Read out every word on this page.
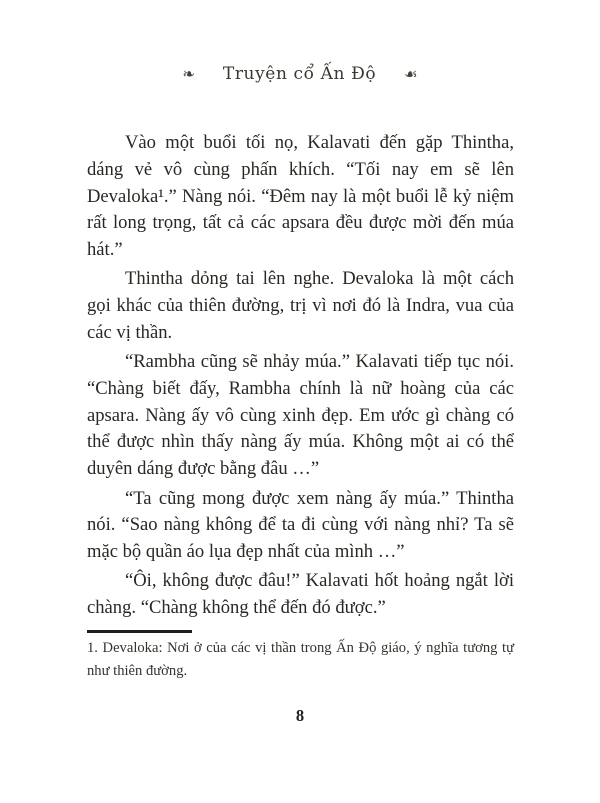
❧ Truyện cổ Ấn Độ ☙

Vào một buổi tối nọ, Kalavati đến gặp Thintha, dáng vẻ vô cùng phấn khích. “Tối nay em sẽ lên Devaloka¹.” Nàng nói. “Đêm nay là một buổi lễ kỷ niệm rất long trọng, tất cả các apsara đều được mời đến múa hát.”

Thintha dỏng tai lên nghe. Devaloka là một cách gọi khác của thiên đường, trị vì nơi đó là Indra, vua của các vị thần.

“Rambha cũng sẽ nhảy múa.” Kalavati tiếp tục nói. “Chàng biết đấy, Rambha chính là nữ hoàng của các apsara. Nàng ấy vô cùng xinh đẹp. Em ước gì chàng có thể được nhìn thấy nàng ấy múa. Không một ai có thể duyên dáng được bằng đâu …”

“Ta cũng mong được xem nàng ấy múa.” Thintha nói. “Sao nàng không để ta đi cùng với nàng nhỉ? Ta sẽ mặc bộ quần áo lụa đẹp nhất của mình …”

“Ôi, không được đâu!” Kalavati hốt hoảng ngắt lời chàng. “Chàng không thể đến đó được.”

1. Devaloka: Nơi ở của các vị thần trong Ấn Độ giáo, ý nghĩa tương tự như thiên đường.

8
